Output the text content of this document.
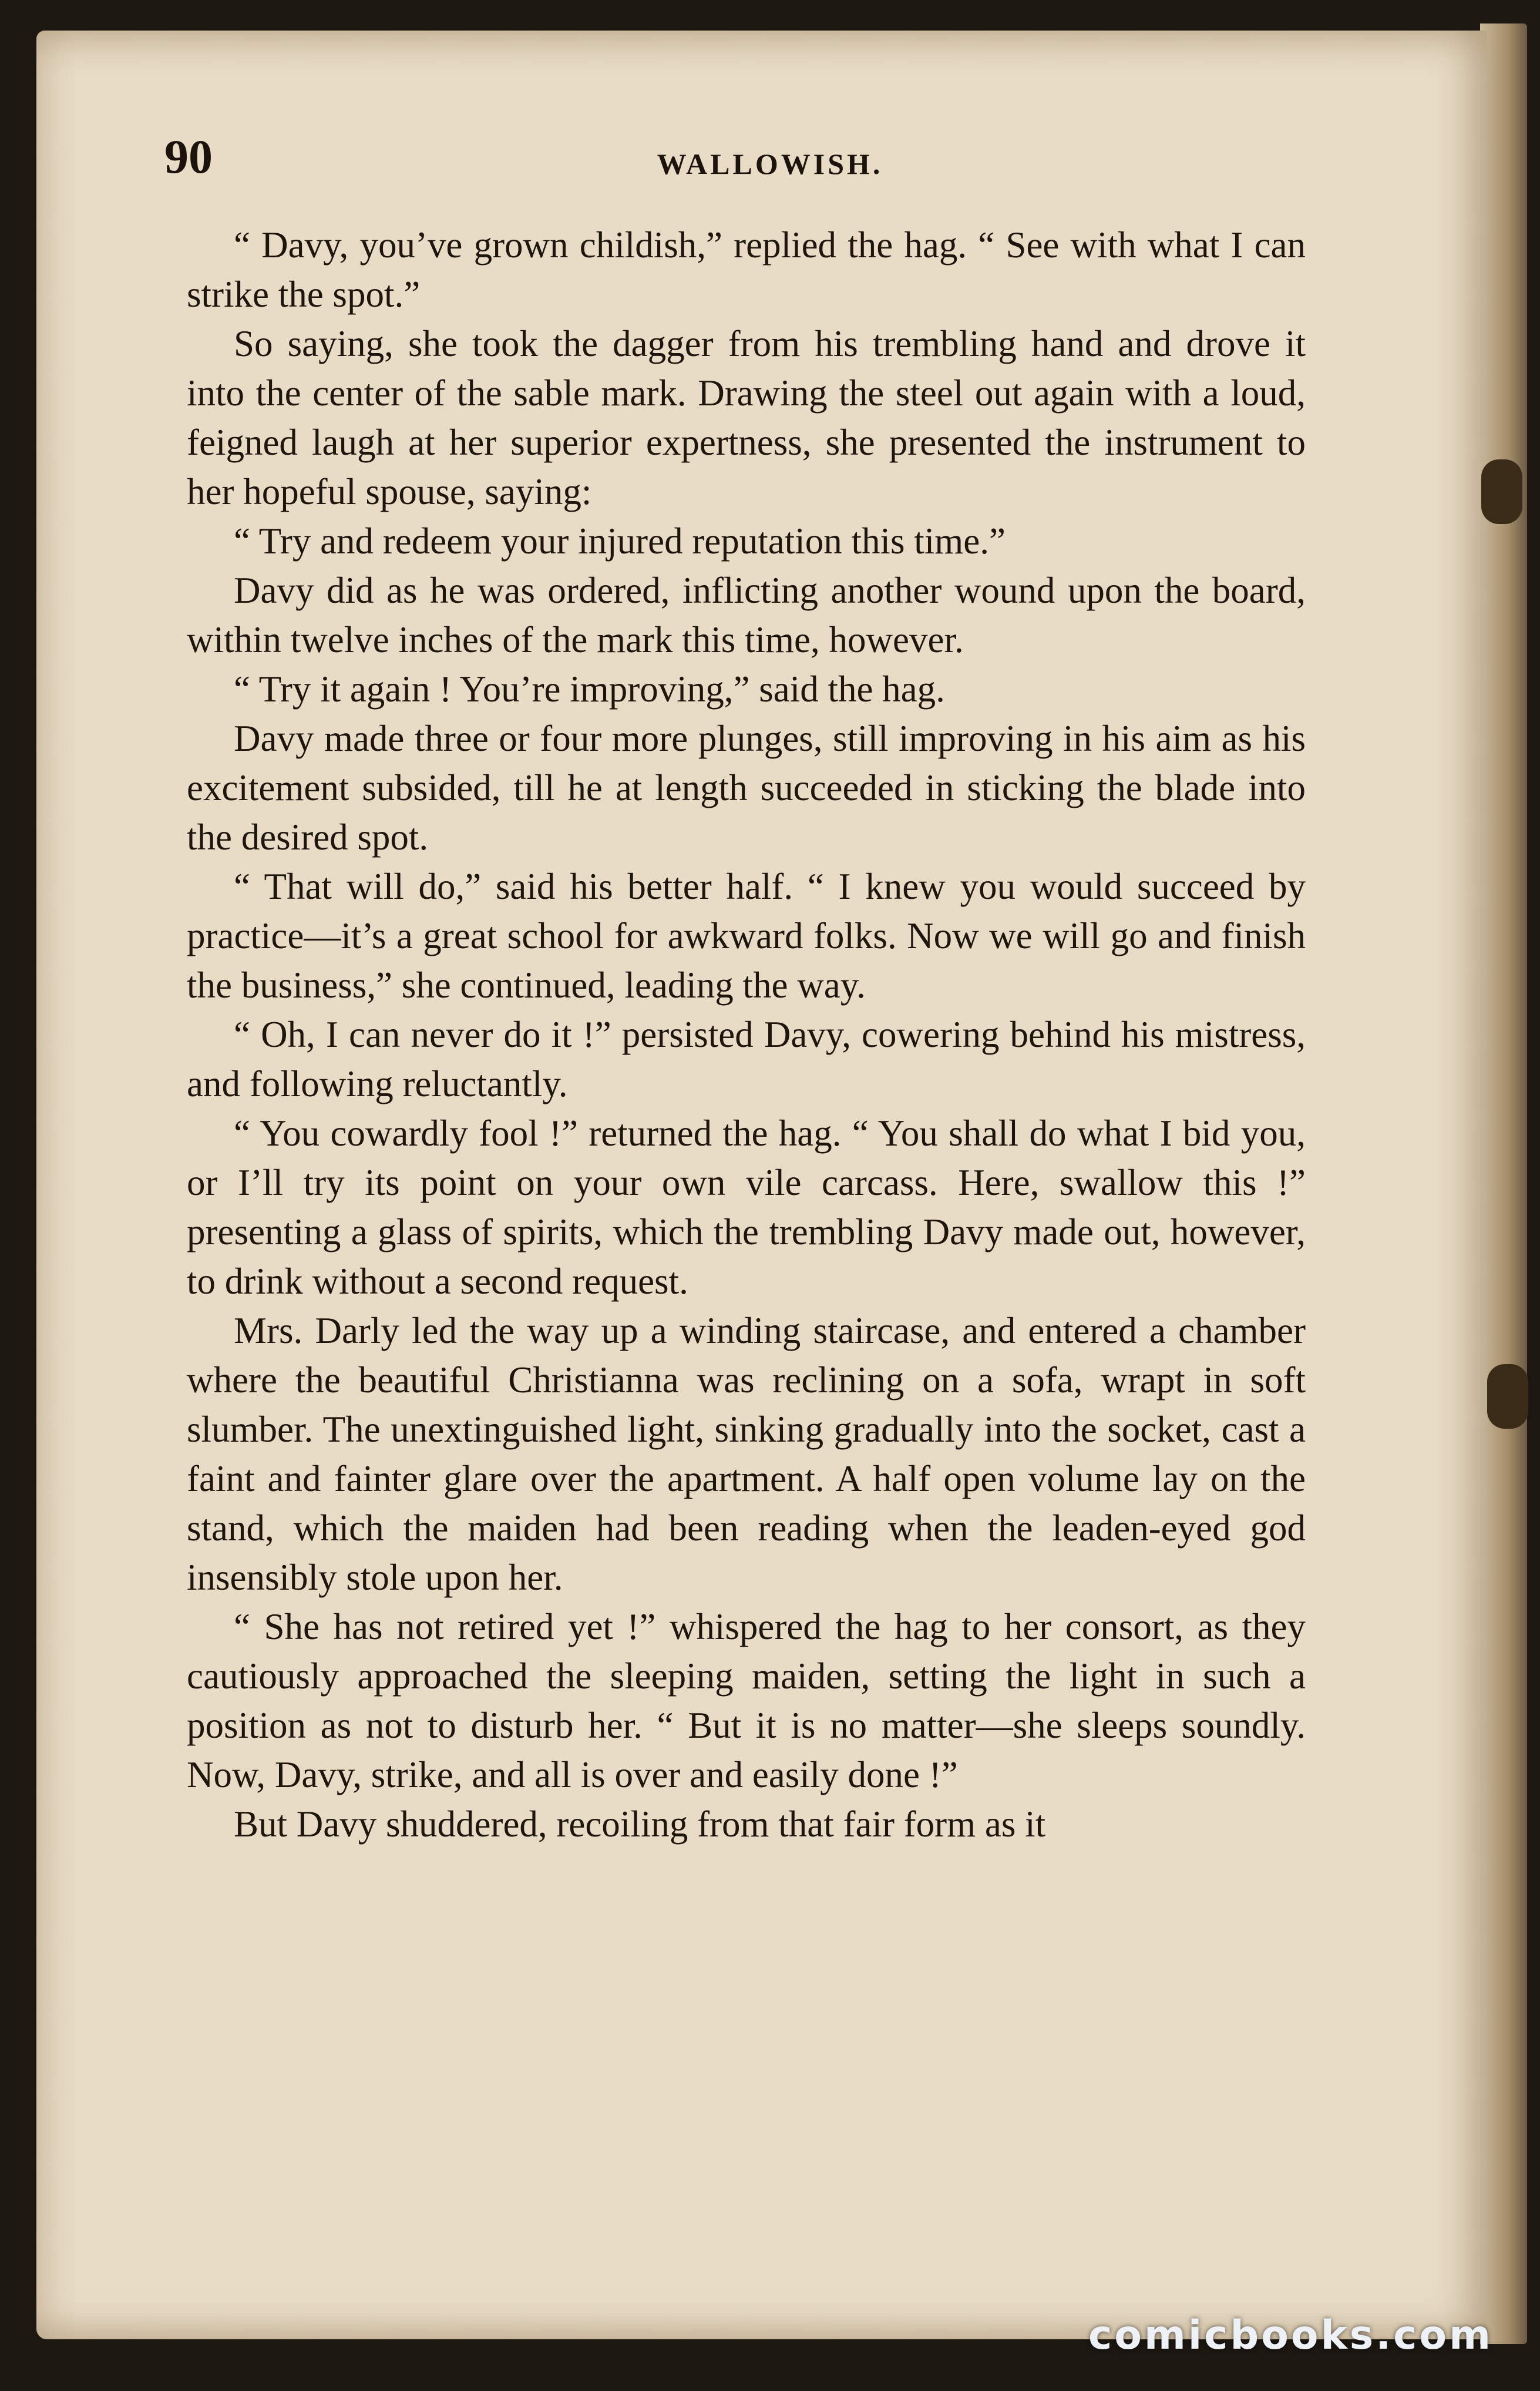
90	WALLOWISH.

“ Davy, you’ve grown childish,” replied the hag. “ See with what I can strike the spot.”

So saying, she took the dagger from his trembling hand and drove it into the center of the sable mark. Drawing the steel out again with a loud, feigned laugh at her superior expertness, she presented the instrument to her hopeful spouse, saying:

“ Try and redeem your injured reputation this time.”

Davy did as he was ordered, inflicting another wound upon the board, within twelve inches of the mark this time, however.

“ Try it again ! You’re improving,” said the hag.

Davy made three or four more plunges, still improving in his aim as his excitement subsided, till he at length succeeded in sticking the blade into the desired spot.

“ That will do,” said his better half. “ I knew you would succeed by practice—it’s a great school for awkward folks. Now we will go and finish the business,” she continued, leading the way.

“ Oh, I can never do it !” persisted Davy, cowering behind his mistress, and following reluctantly.

“ You cowardly fool !” returned the hag. “ You shall do what I bid you, or I’ll try its point on your own vile carcass. Here, swallow this !” presenting a glass of spirits, which the trembling Davy made out, however, to drink without a second request.

Mrs. Darly led the way up a winding staircase, and entered a chamber where the beautiful Christianna was reclining on a sofa, wrapt in soft slumber. The unextinguished light, sinking gradually into the socket, cast a faint and fainter glare over the apartment. A half open volume lay on the stand, which the maiden had been reading when the leaden-eyed god insensibly stole upon her.

“ She has not retired yet !” whispered the hag to her consort, as they cautiously approached the sleeping maiden, setting the light in such a position as not to disturb her. “ But it is no matter—she sleeps soundly. Now, Davy, strike, and all is over and easily done !”

But Davy shuddered, recoiling from that fair form as it

comicbooks.com
